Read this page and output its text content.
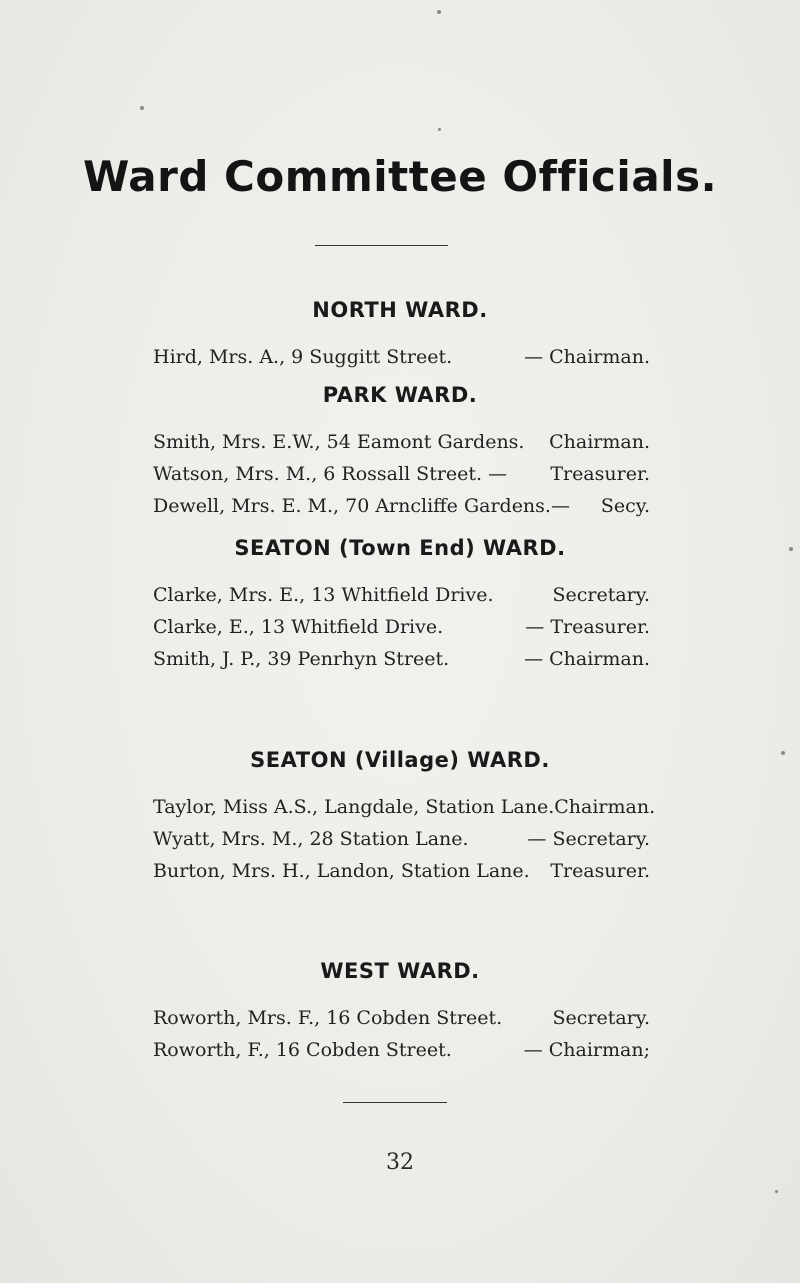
Ward Committee Officials.
NORTH WARD.
Hird, Mrs. A., 9 Suggitt Street.	— Chairman.
PARK WARD.
Smith, Mrs. E.W., 54 Eamont Gardens. Chairman.
Watson, Mrs. M., 6 Rossall Street. — Treasurer.
Dewell, Mrs. E. M., 70 Arncliffe Gardens.— Secy.
SEATON (Town End) WARD.
Clarke, Mrs. E., 13 Whitfield Drive.	Secretary.
Clarke, E., 13 Whitfield Drive.	— Treasurer.
Smith, J. P., 39 Penrhyn Street.	— Chairman.
SEATON (Village) WARD.
Taylor, Miss A.S., Langdale, Station Lane. Chairman.
Wyatt, Mrs. M., 28 Station Lane.	— Secretary.
Burton, Mrs. H., Landon, Station Lane. Treasurer.
WEST WARD.
Roworth, Mrs. F., 16 Cobden Street.	Secretary.
Roworth, F., 16 Cobden Street.	— Chairman;
32
